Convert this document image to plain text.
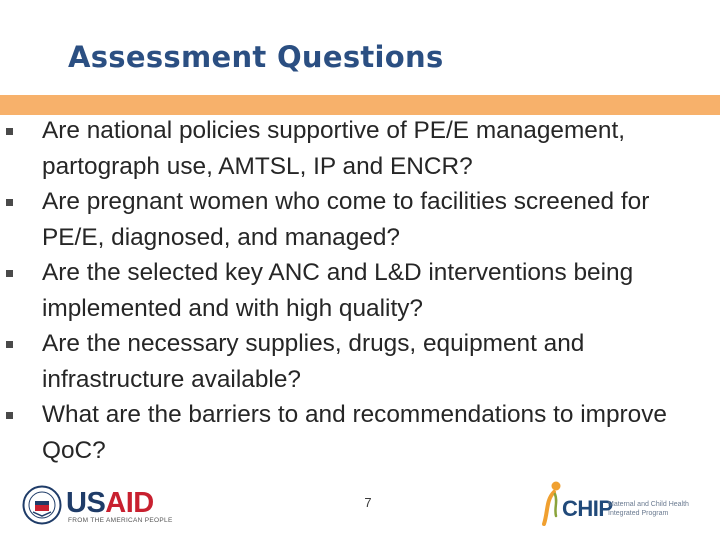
Assessment Questions
Are national policies supportive of PE/E management, partograph use, AMTSL, IP and ENCR?
Are pregnant women who come to facilities screened for PE/E, diagnosed, and managed?
Are the selected key ANC and L&D interventions being implemented and with high quality?
Are the necessary supplies, drugs, equipment and infrastructure available?
What are the barriers to and recommendations to improve QoC?
USAID
FROM THE AMERICAN PEOPLE
7	CHIP
Maternal and Child Health Integrated Program
